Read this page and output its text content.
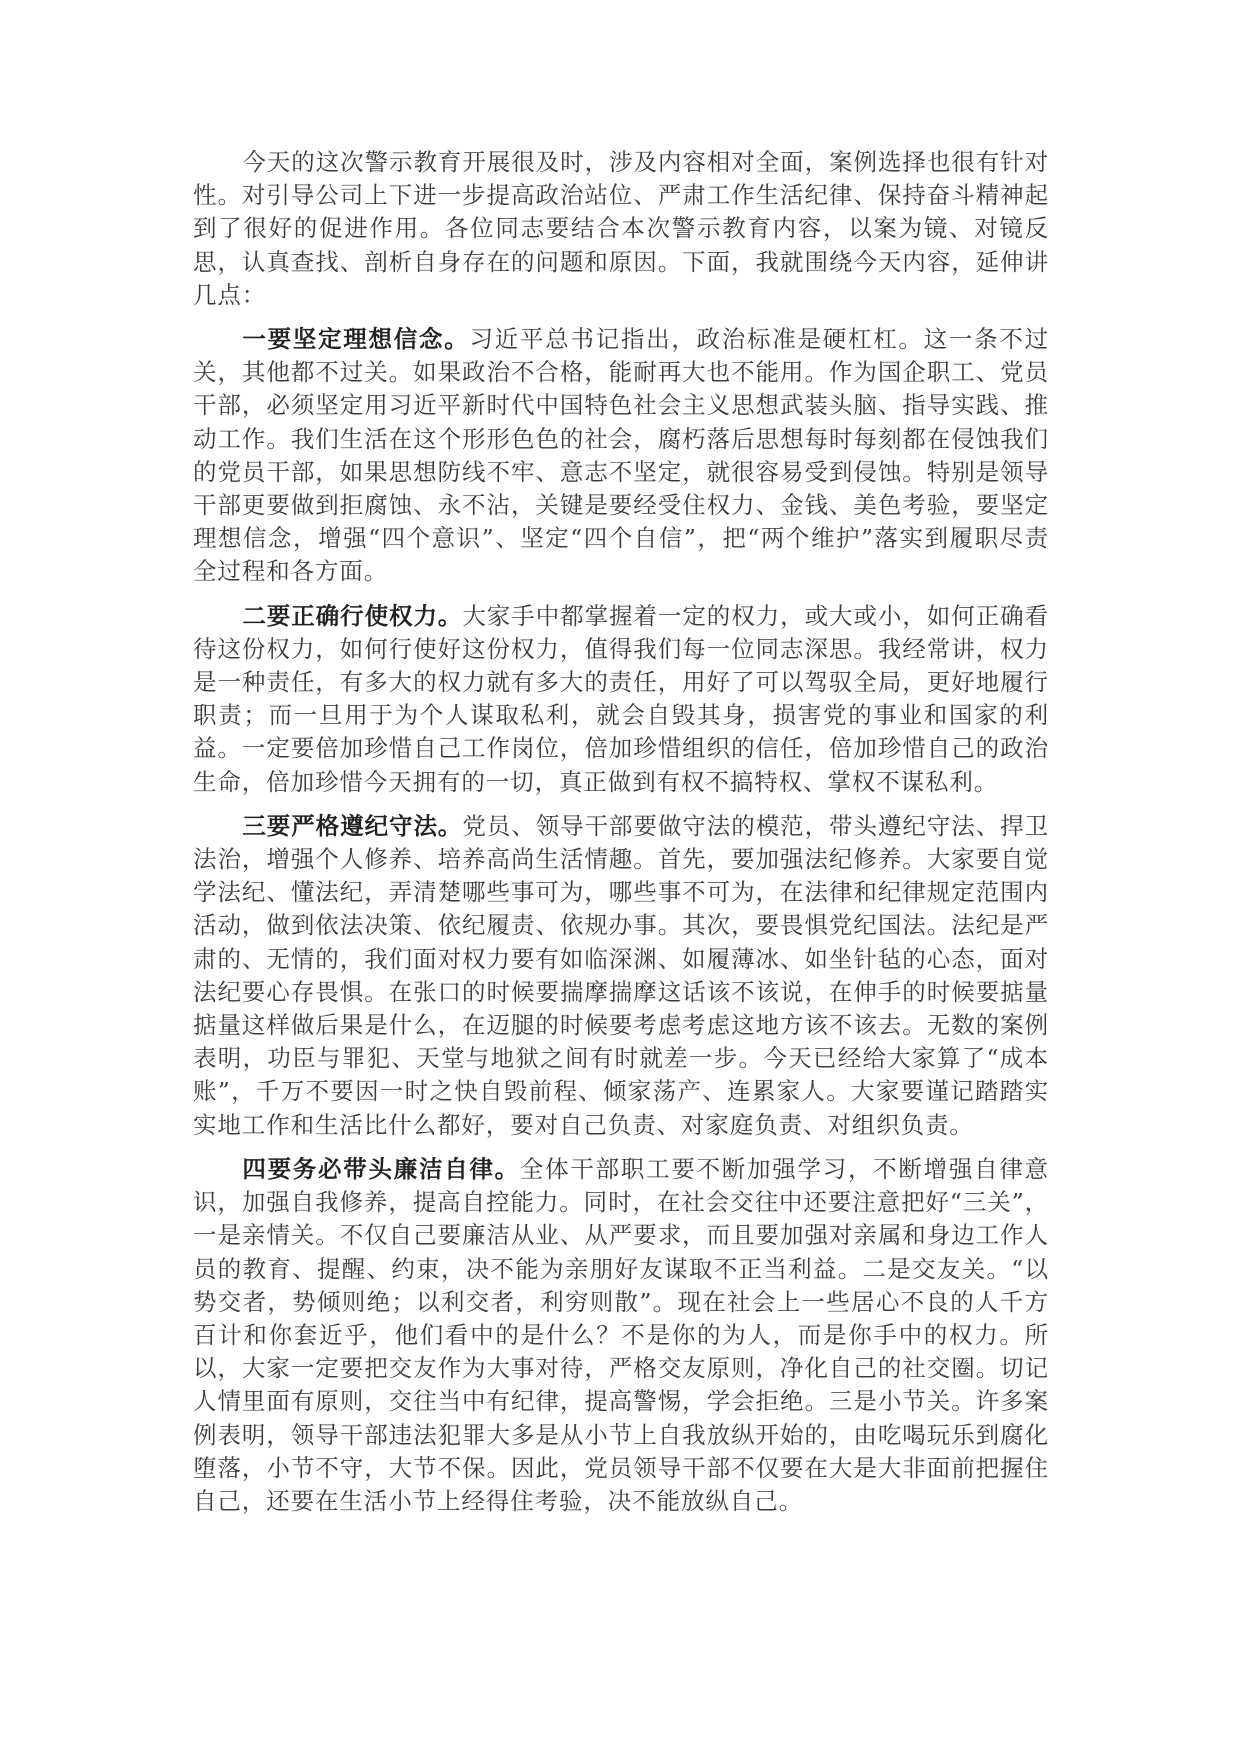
今天的这次警示教育开展很及时，涉及内容相对全面，案例选择也很有针对性。对引导公司上下进一步提高政治站位、严肃工作生活纪律、保持奋斗精神起到了很好的促进作用。各位同志要结合本次警示教育内容，以案为镜、对镜反思，认真查找、剖析自身存在的问题和原因。下面，我就围绕今天内容，延伸讲几点：

一要坚定理想信念。习近平总书记指出，政治标准是硬杠杠。这一条不过关，其他都不过关。如果政治不合格，能耐再大也不能用。作为国企职工、党员干部，必须坚定用习近平新时代中国特色社会主义思想武装头脑、指导实践、推动工作。我们生活在这个形形色色的社会，腐朽落后思想每时每刻都在侵蚀我们的党员干部，如果思想防线不牢、意志不坚定，就很容易受到侵蚀。特别是领导干部更要做到拒腐蚀、永不沾，关键是要经受住权力、金钱、美色考验，要坚定理想信念，增强“四个意识”、坚定“四个自信”，把“两个维护”落实到履职尽责全过程和各方面。

二要正确行使权力。大家手中都掌握着一定的权力，或大或小，如何正确看待这份权力，如何行使好这份权力，值得我们每一位同志深思。我经常讲，权力是一种责任，有多大的权力就有多大的责任，用好了可以驾驭全局，更好地履行职责；而一旦用于为个人谋取私利，就会自毁其身，损害党的事业和国家的利益。一定要倍加珍惜自己工作岗位，倍加珍惜组织的信任，倍加珍惜自己的政治生命，倍加珍惜今天拥有的一切，真正做到有权不搞特权、掌权不谋私利。

三要严格遵纪守法。党员、领导干部要做守法的模范，带头遵纪守法、捍卫法治，增强个人修养、培养高尚生活情趣。首先，要加强法纪修养。大家要自觉学法纪、懂法纪，弄清楚哪些事可为，哪些事不可为，在法律和纪律规定范围内活动，做到依法决策、依纪履责、依规办事。其次，要畏惧党纪国法。法纪是严肃的、无情的，我们面对权力要有如临深渊、如履薄冰、如坐针毡的心态，面对法纪要心存畏惧。在张口的时候要揣摩揣摩这话该不该说，在伸手的时候要掂量掂量这样做后果是什么，在迈腿的时候要考虑考虑这地方该不该去。无数的案例表明，功臣与罪犯、天堂与地狱之间有时就差一步。今天已经给大家算了“成本账”，千万不要因一时之快自毁前程、倾家荡产、连累家人。大家要谨记踏踏实实地工作和生活比什么都好，要对自己负责、对家庭负责、对组织负责。

四要务必带头廉洁自律。全体干部职工要不断加强学习，不断增强自律意识，加强自我修养，提高自控能力。同时，在社会交往中还要注意把好“三关”，一是亲情关。不仅自己要廉洁从业、从严要求，而且要加强对亲属和身边工作人员的教育、提醒、约束，决不能为亲朋好友谋取不正当利益。二是交友关。“以势交者，势倾则绝；以利交者，利穷则散”。现在社会上一些居心不良的人千方百计和你套近乎，他们看中的是什么？不是你的为人，而是你手中的权力。所以，大家一定要把交友作为大事对待，严格交友原则，净化自己的社交圈。切记人情里面有原则，交往当中有纪律，提高警惕，学会拒绝。三是小节关。许多案例表明，领导干部违法犯罪大多是从小节上自我放纵开始的，由吃喝玩乐到腐化堕落，小节不守，大节不保。因此，党员领导干部不仅要在大是大非面前把握住自己，还要在生活小节上经得住考验，决不能放纵自己。
